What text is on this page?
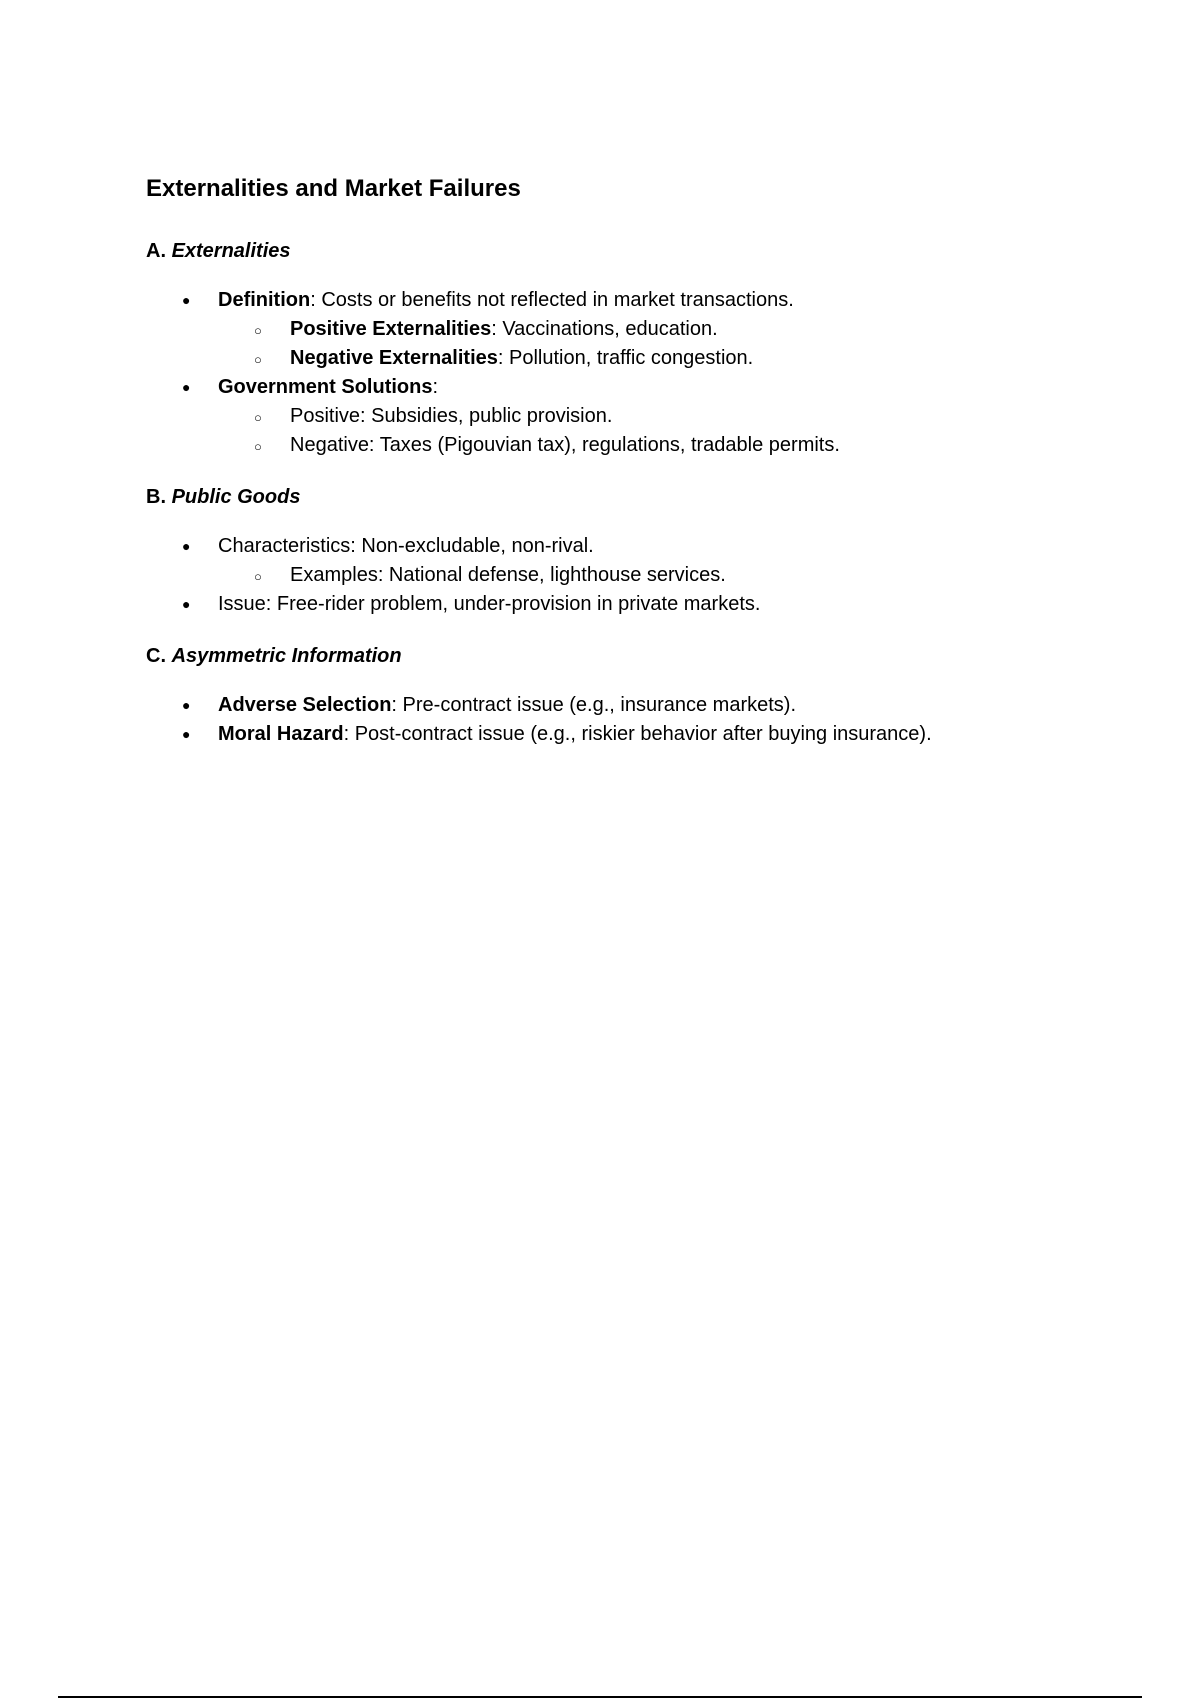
Externalities and Market Failures
A. Externalities
● Definition: Costs or benefits not reflected in market transactions.
○ Positive Externalities: Vaccinations, education.
○ Negative Externalities: Pollution, traffic congestion.
● Government Solutions:
○ Positive: Subsidies, public provision.
○ Negative: Taxes (Pigouvian tax), regulations, tradable permits.
B. Public Goods
● Characteristics: Non-excludable, non-rival.
○ Examples: National defense, lighthouse services.
● Issue: Free-rider problem, under-provision in private markets.
C. Asymmetric Information
● Adverse Selection: Pre-contract issue (e.g., insurance markets).
● Moral Hazard: Post-contract issue (e.g., riskier behavior after buying insurance).
